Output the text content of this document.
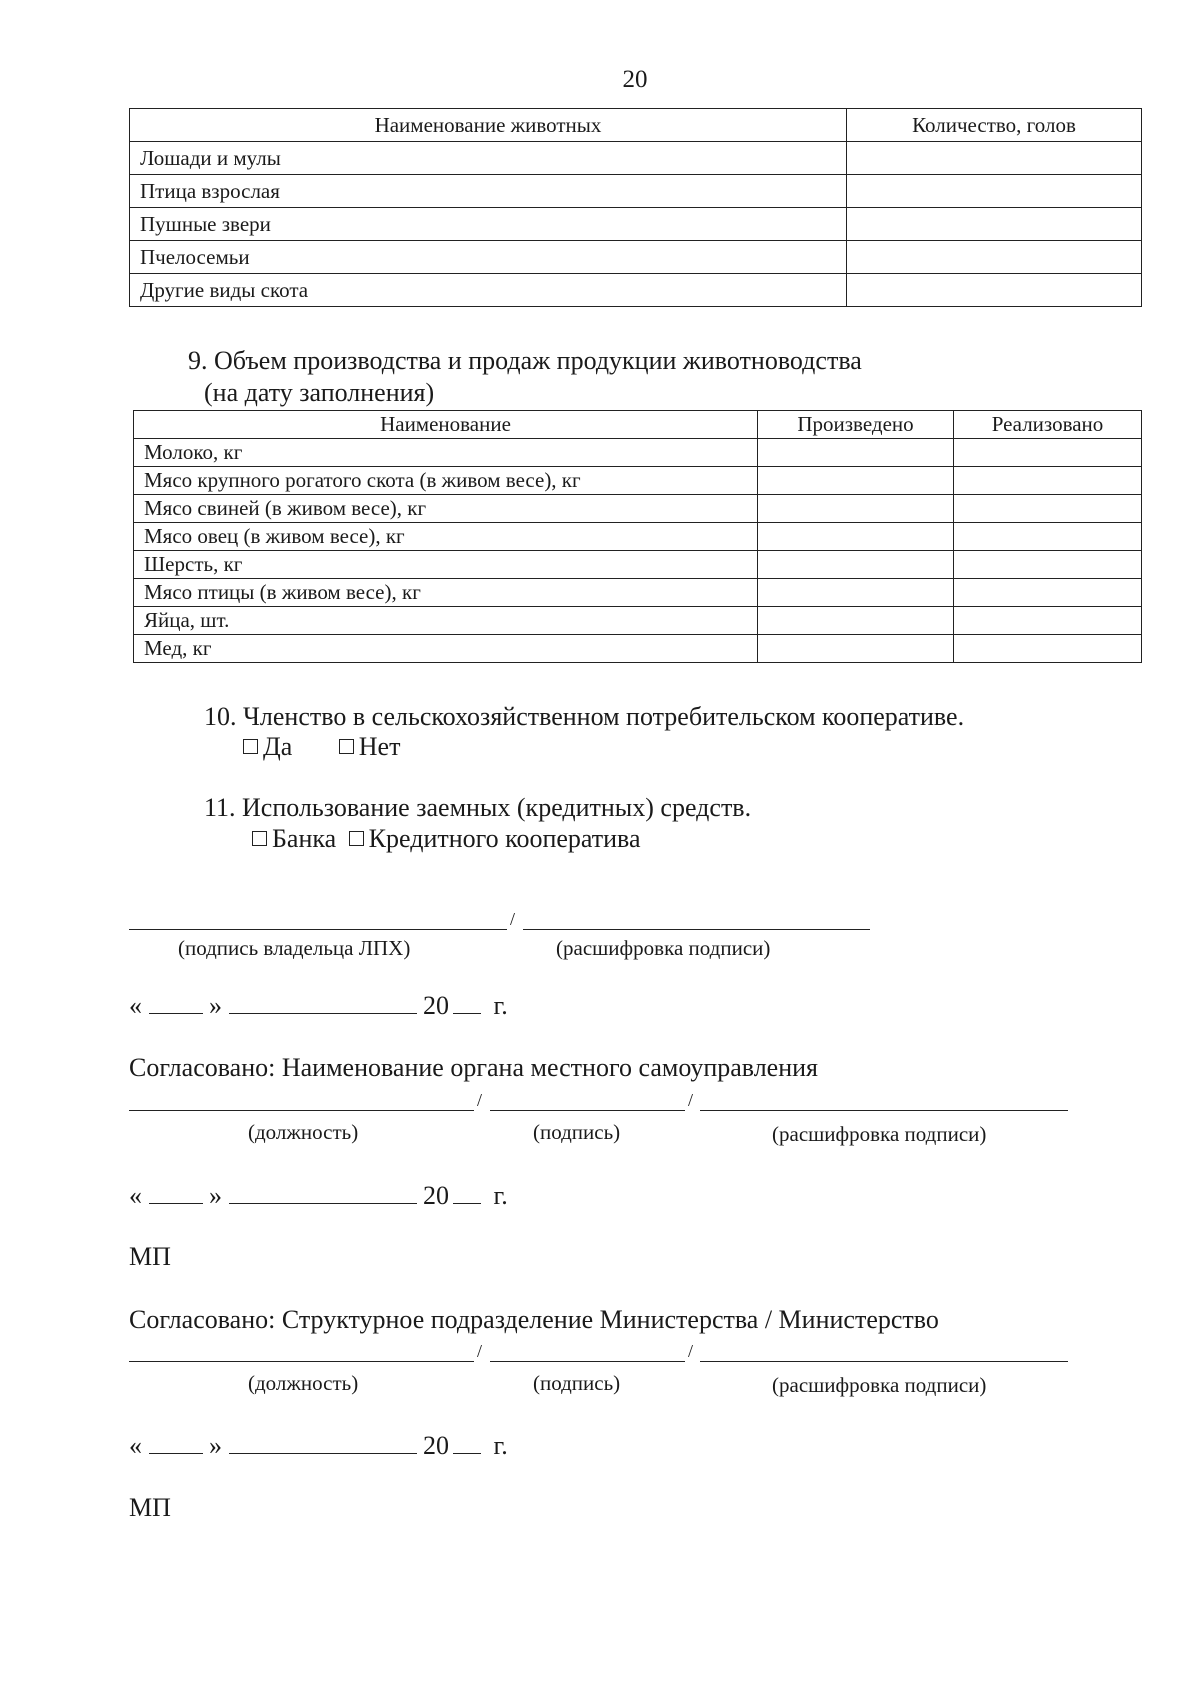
20
Наименование животных	Количество, голов
Лошади и мулы	
Птица взрослая	
Пушные звери	
Пчелосемьи	
Другие виды скота	
9. Объем производства и продаж продукции животноводства
(на дату заполнения)
Наименование	Произведено	Реализовано
Молоко, кг		
Мясо крупного рогатого скота (в живом весе), кг		
Мясо свиней (в живом весе), кг		
Мясо овец (в живом весе), кг		
Шерсть, кг		
Мясо птицы (в живом весе), кг		
Яйца, шт.		
Мед, кг		
10. Членство в сельскохозяйственном потребительском кооперативе.
Да	Нет
11. Использование заемных (кредитных) средств.
Банка Кредитного кооператива
/
(подпись владельца ЛПХ)	(расшифровка подписи)
«	»	20 г.
Согласовано: Наименование органа местного самоуправления
/	/
(должность)	(подпись)	(расшифровка подписи)
«	»	20 г.
МП
Согласовано: Структурное подразделение Министерства / Министерство
/	/
(должность)	(подпись)	(расшифровка подписи)
«	»	20 г.
МП
